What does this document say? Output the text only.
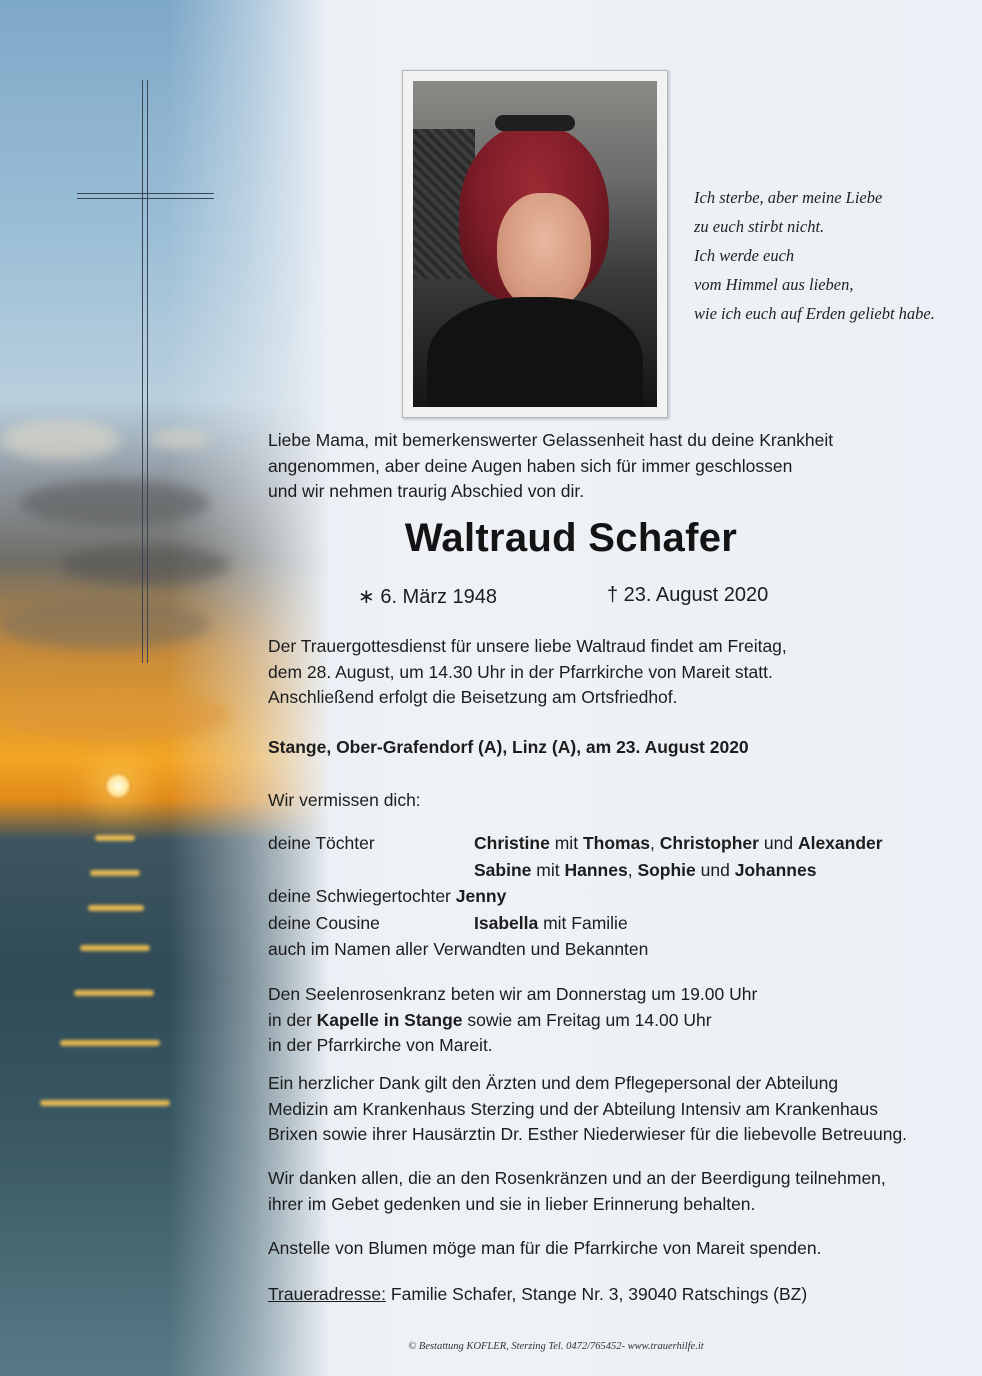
Ich sterbe, aber meine Liebe
zu euch stirbt nicht.
Ich werde euch
vom Himmel aus lieben,
wie ich euch auf Erden geliebt habe.
Liebe Mama, mit bemerkenswerter Gelassenheit hast du deine Krankheit
angenommen, aber deine Augen haben sich für immer geschlossen
und wir nehmen traurig Abschied von dir.
Waltraud Schafer
∗ 6. März 1948	† 23. August 2020
Der Trauergottesdienst für unsere liebe Waltraud findet am Freitag,
dem 28. August, um 14.30 Uhr in der Pfarrkirche von Mareit statt.
Anschließend erfolgt die Beisetzung am Ortsfriedhof.
Stange, Ober-Grafendorf (A), Linz (A), am 23. August 2020
Wir vermissen dich:
deine Töchter	Christine mit Thomas, Christopher und Alexander
Sabine mit Hannes, Sophie und Johannes
deine Schwiegertochter Jenny
deine Cousine	Isabella mit Familie
auch im Namen aller Verwandten und Bekannten
Den Seelenrosenkranz beten wir am Donnerstag um 19.00 Uhr
in der Kapelle in Stange sowie am Freitag um 14.00 Uhr
in der Pfarrkirche von Mareit.
Ein herzlicher Dank gilt den Ärzten und dem Pflegepersonal der Abteilung
Medizin am Krankenhaus Sterzing und der Abteilung Intensiv am Krankenhaus
Brixen sowie ihrer Hausärztin Dr. Esther Niederwieser für die liebevolle Betreuung.
Wir danken allen, die an den Rosenkränzen und an der Beerdigung teilnehmen,
ihrer im Gebet gedenken und sie in lieber Erinnerung behalten.
Anstelle von Blumen möge man für die Pfarrkirche von Mareit spenden.
Traueradresse: Familie Schafer, Stange Nr. 3, 39040 Ratschings (BZ)
© Bestattung KOFLER, Sterzing Tel. 0472/765452- www.trauerhilfe.it
